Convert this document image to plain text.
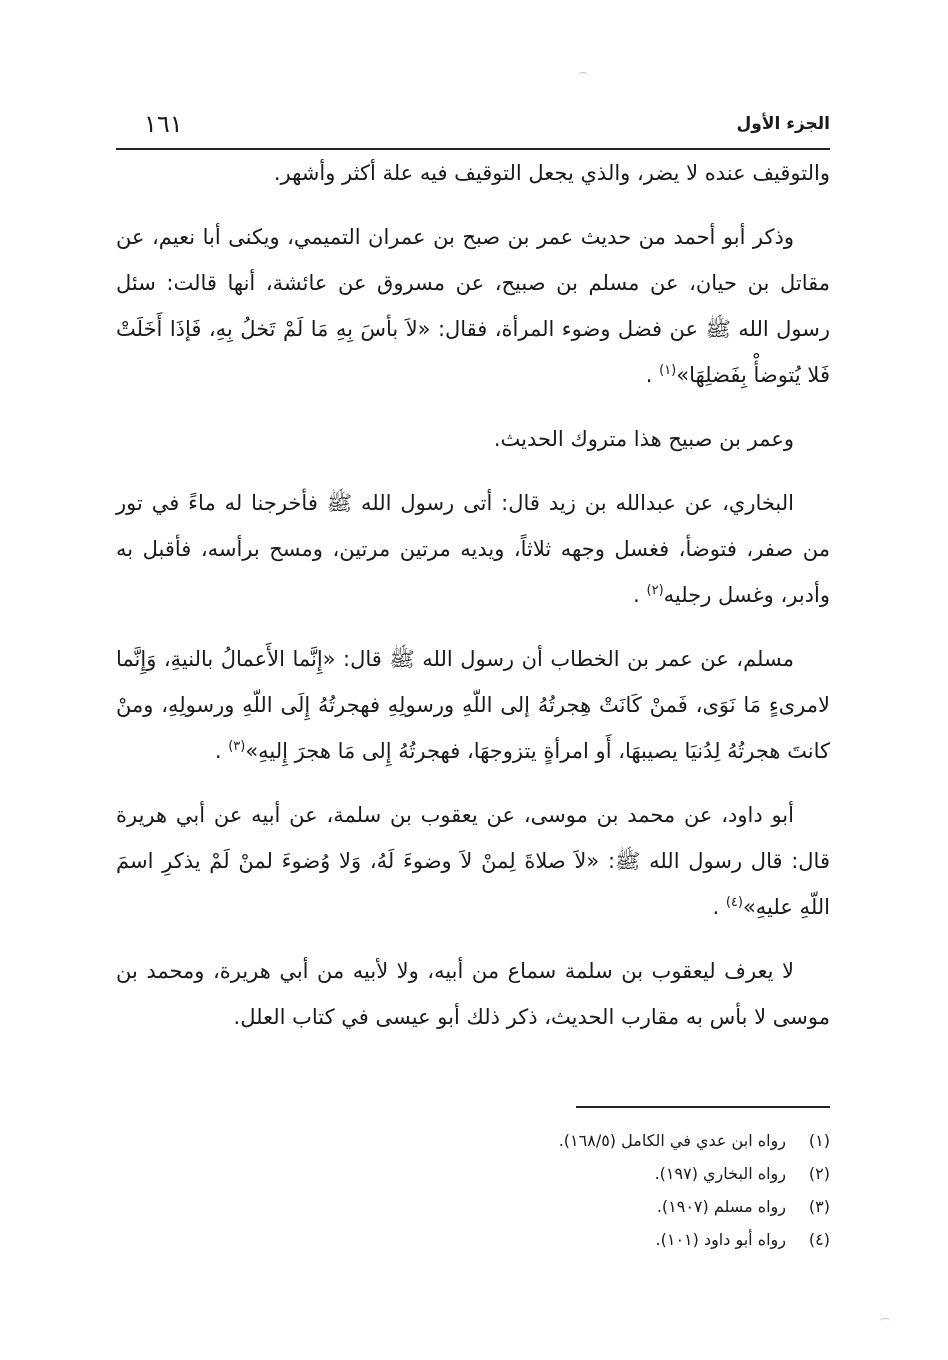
الجزء الأول
١٦١

والتوقيف عنده لا يضر، والذي يجعل التوقيف فيه علة أكثر وأشهر.

وذكر أبو أحمد من حديث عمر بن صبح بن عمران التميمي، ويكنى أبا نعيم، عن مقاتل بن حيان، عن مسلم بن صبيح، عن مسروق عن عائشة، أنها قالت: سئل رسول الله ﷺ عن فضل وضوء المرأة، فقال: «لاَ بأسَ بِهِ مَا لَمْ تَخلُ بِهِ، فَإذَا أَخَلَتْ فَلا يُتوضأْ بِفَضلِهَا»$^{(١)}$ .

وعمر بن صبيح هذا متروك الحديث.

البخاري، عن عبدالله بن زيد قال: أتى رسول الله ﷺ فأخرجنا له ماءً في تور من صفر، فتوضأ، فغسل وجهه ثلاثاً، ويديه مرتين مرتين، ومسح برأسه، فأقبل به وأدبر، وغسل رجليه$^{(٢)}$ .

مسلم، عن عمر بن الخطاب أن رسول الله ﷺ قال: «إِنَّما الأَعمالُ بالنيةِ، وَإِنَّما لامرىءٍ مَا نَوَى، فَمنْ كَانَتْ هِجرتُهُ إلى اللّهِ ورسولِهِ فهجرتُهُ إِلَى اللّهِ ورسولِهِ، ومنْ كانتَ هجرتُهُ لِدُنيَا يصيبهَا، أَو امرأةٍ يتزوجهَا، فهجرتُهُ إِلى مَا هجرَ إِليهِ»$^{(٣)}$ .

أبو داود، عن محمد بن موسى، عن يعقوب بن سلمة، عن أبيه عن أبي هريرة قال: قال رسول الله ﷺ: «لاَ صلاةَ لِمنْ لاَ وضوءَ لَهُ، وَلا وُضوءَ لمنْ لَمْ يذكرِ اسمَ اللّهِ عليهِ»$^{(٤)}$ .

لا يعرف ليعقوب بن سلمة سماع من أبيه، ولا لأبيه من أبي هريرة، ومحمد بن موسى لا بأس به مقارب الحديث، ذكر ذلك أبو عيسى في كتاب العلل.

(١)
رواه ابن عدي في الكامل (١٦٨/٥).
(٢)
رواه البخاري (١٩٧).
(٣)
رواه مسلم (١٩٠٧).
(٤)
رواه أبو داود (١٠١).
